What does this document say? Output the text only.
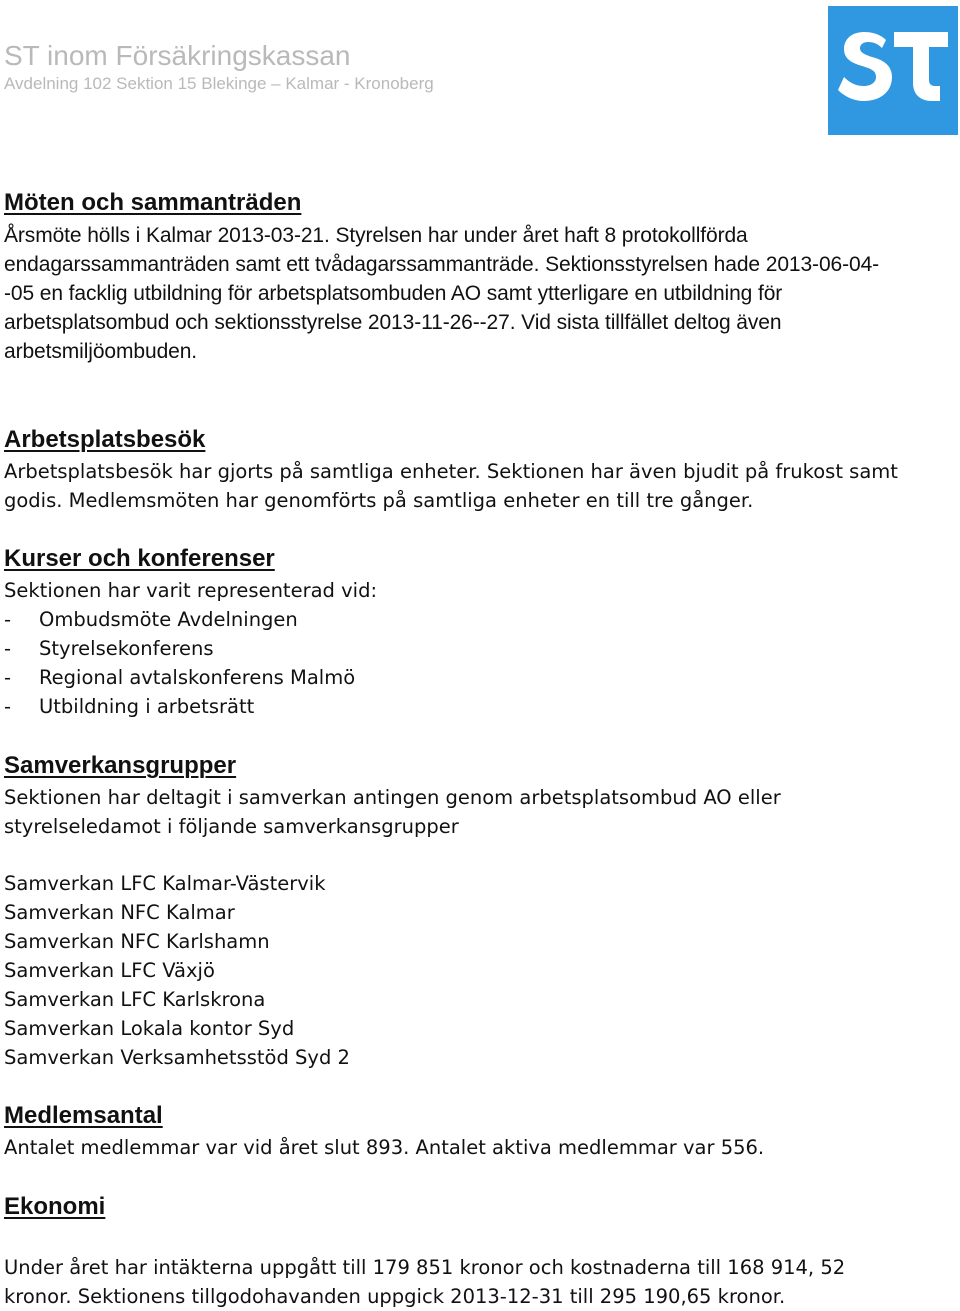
ST inom Försäkringskassan
Avdelning 102 Sektion 15 Blekinge – Kalmar - Kronoberg
Möten och sammanträden

Årsmöte hölls i Kalmar 2013-03-21. Styrelsen har under året haft 8 protokollförda endagarssammanträden samt ett tvådagarssammanträde. Sektionsstyrelsen hade 2013-06-04--05 en facklig utbildning för arbetsplatsombuden AO samt ytterligare en utbildning för arbetsplatsombud och sektionsstyrelse 2013-11-26--27. Vid sista tillfället deltog även arbetsmiljöombuden.

Arbetsplatsbesök

Arbetsplatsbesök har gjorts på samtliga enheter. Sektionen har även bjudit på frukost samt godis. Medlemsmöten har genomförts på samtliga enheter en till tre gånger.

Kurser och konferenser

Sektionen har varit representerad vid:

- Ombudsmöte Avdelningen
- Styrelsekonferens
- Regional avtalskonferens Malmö
- Utbildning i arbetsrätt
Samverkansgrupper

Sektionen har deltagit i samverkan antingen genom arbetsplatsombud AO eller styrelseledamot i följande samverkansgrupper

Samverkan LFC Kalmar-Västervik
Samverkan NFC Kalmar
Samverkan NFC Karlshamn
Samverkan LFC Växjö
Samverkan LFC Karlskrona
Samverkan Lokala kontor Syd
Samverkan Verksamhetsstöd Syd 2
Medlemsantal

Antalet medlemmar var vid året slut 893. Antalet aktiva medlemmar var 556.

Ekonomi

Under året har intäkterna uppgått till 179 851 kronor och kostnaderna till 168 914, 52 kronor. Sektionens tillgodohavanden uppgick 2013-12-31 till 295 190,65 kronor.
